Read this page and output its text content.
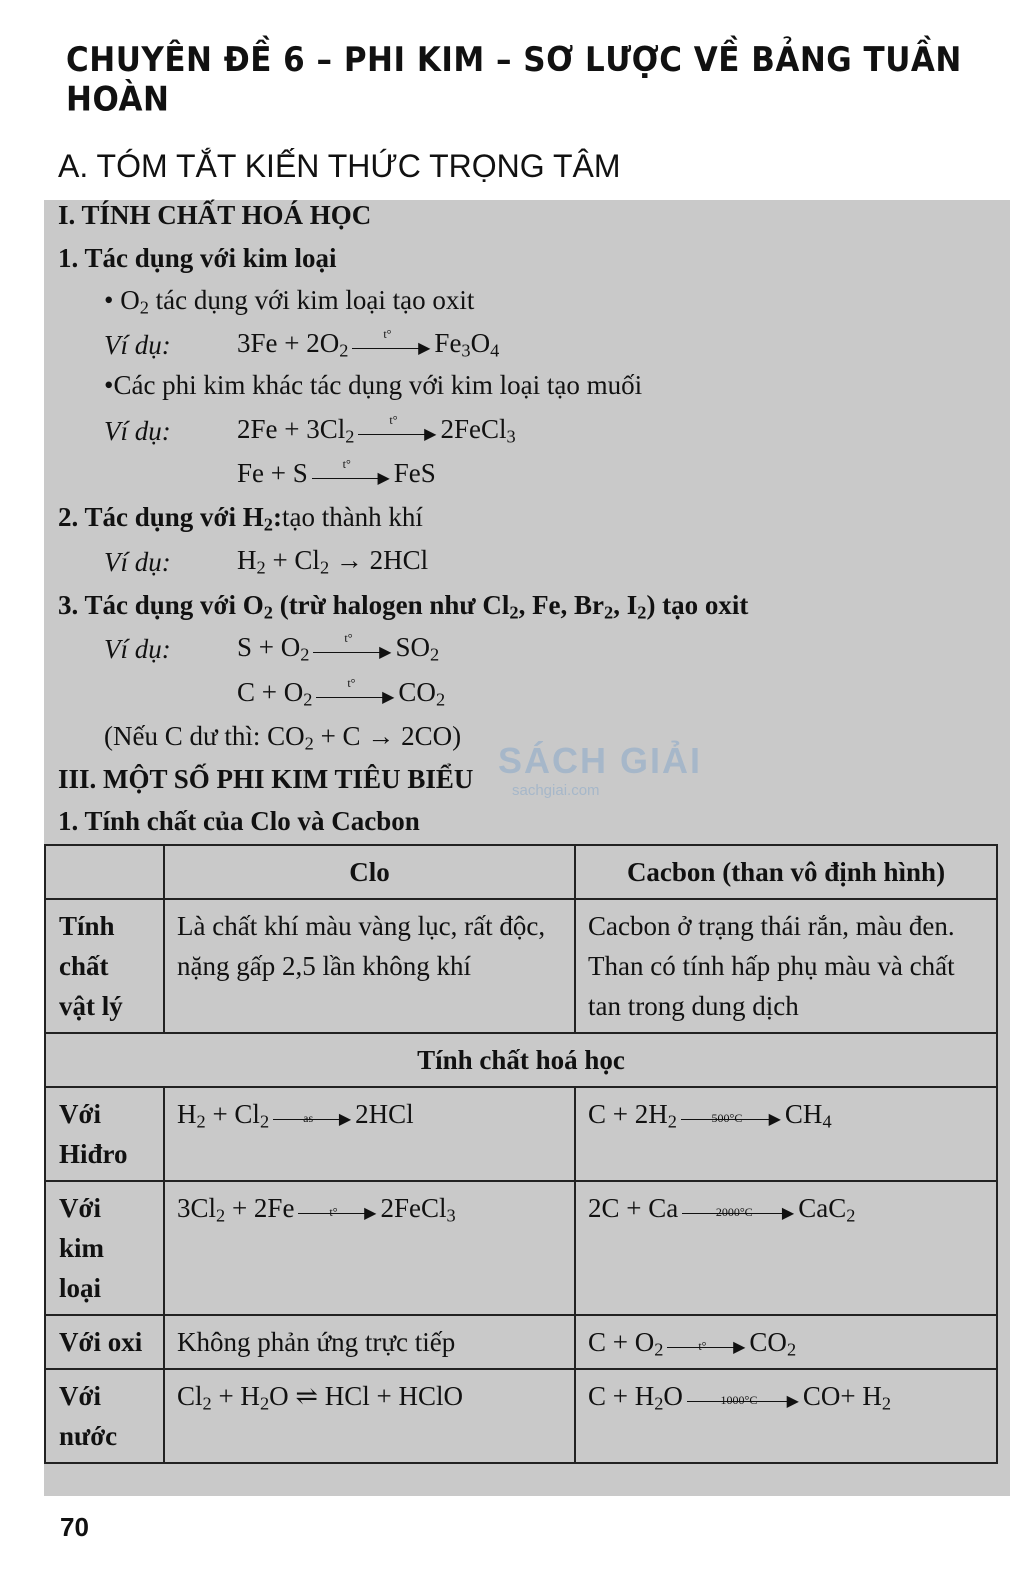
CHUYÊN ĐỀ 6 – PHI KIM – SƠ LƯỢC VỀ BẢNG TUẦN HOÀN
A. TÓM TẮT KIẾN THỨC TRỌNG TÂM
I. TÍNH CHẤT HOÁ HỌC
1. Tác dụng với kim loại
• $O_2$ tác dụng với kim loại tạo oxit
Ví dụ: $3Fe + 2O_2$
t°
▶ $Fe_3O_4$
•Các phi kim khác tác dụng với kim loại tạo muối
Ví dụ: $2Fe + 3Cl_2$
t°
▶ 2FeCl$_3$
Fe + S	t°
▶ FeS
2. Tác dụng với $H_2:tạo$ thành khí
Ví dụ: $H_2 + Cl_2 \to 2HCl$
3. Tác dụng với $O_2$ (trừ halogen như $Cl_2$, Fe, $Br_2$, $I_2$) tạo oxit
Ví dụ: $S + O_2$
t°
▶ $SO_2$
$C + O_2$
t°
▶ $CO_2$
(Nếu C dư thì: $CO_2 + C \to 2CO$)
III. MỘT SỐ PHI KIM TIÊU BIỂU
1. Tính chất của Clo và Cacbon
SÁCH GIẢI
sachgiai.com
	Clo	Cacbon (than vô định hình)
Tính chất vật lý	Là chất khí màu vàng lục, rất độc, nặng gấp 2,5 lần không khí	Cacbon ở trạng thái rắn, màu đen. Than có tính hấp phụ màu và chất tan trong dung dịch
Tính chất hoá học		
Với Hiđro	$H_2 + Cl_2$ as ▶ 2HCl	$C + 2H_2$ 500°C ▶ $CH_4$
Với kim loại	$3Cl_2 + 2Fe$ t° ▶ 2FeCl$_3$	2C + Ca 2000°C ▶ CaC$_2$
Với oxi	Không phản ứng trực tiếp	$C + O_2$ t° ▶ $CO_2$
Với nước	$Cl_2 + H_2O$ ⇌ HCl + HClO	$C + H_2O$ 1000°C ▶ $CO+ H_2$
70
